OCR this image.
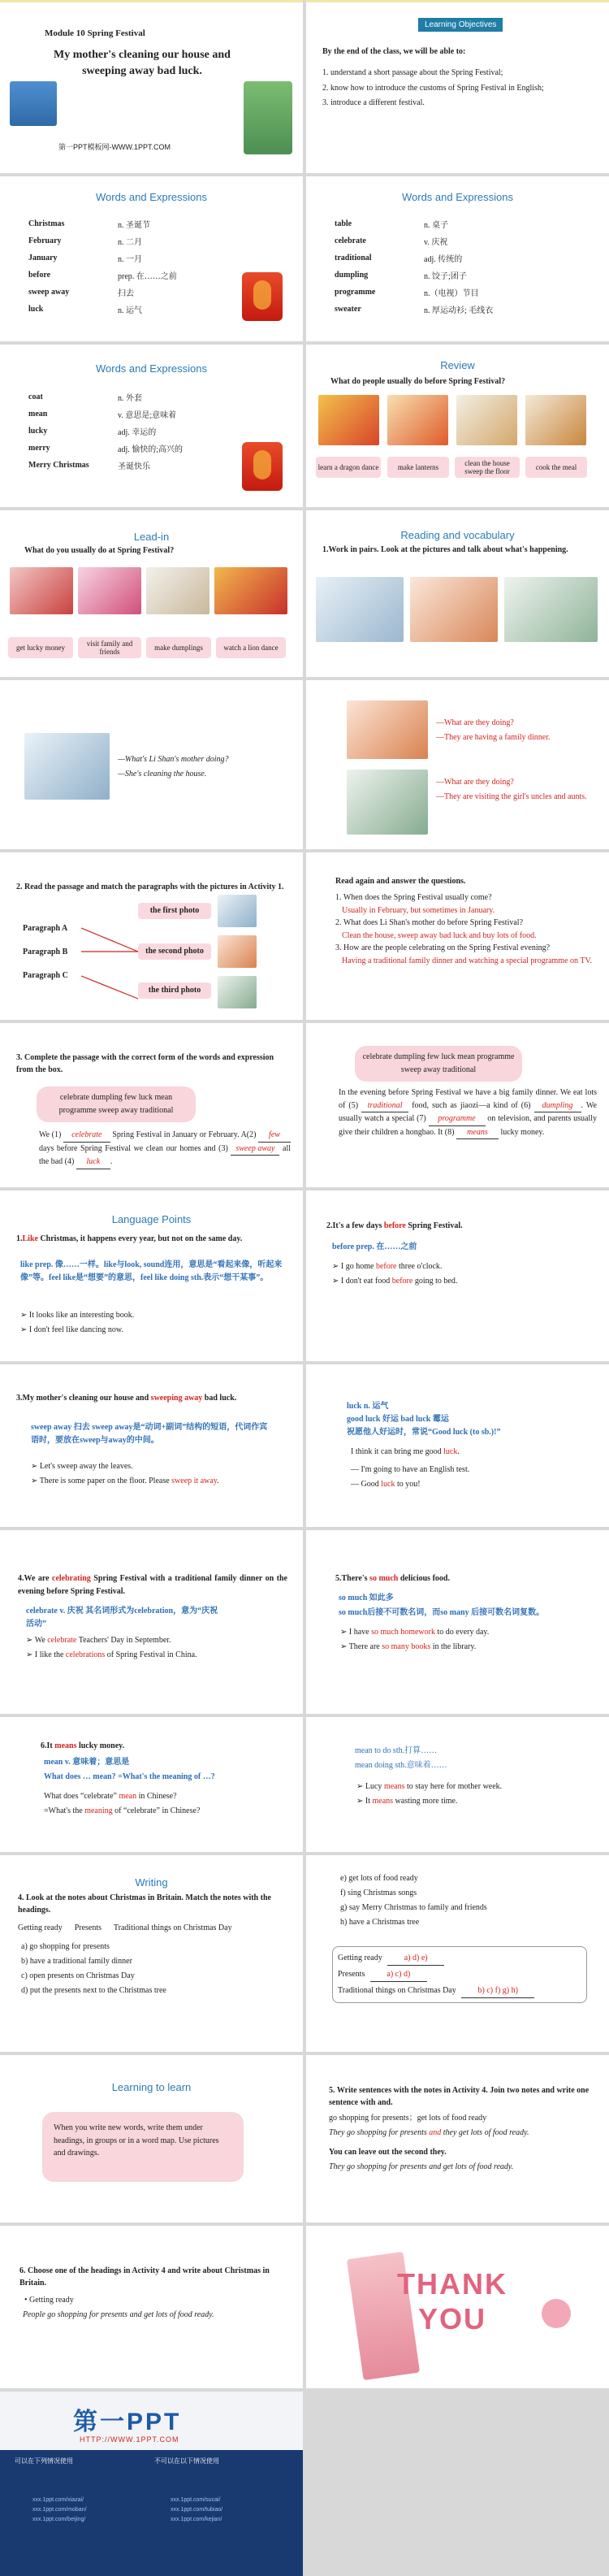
Module 10 Spring Festival
My mother's cleaning our house and sweeping away bad luck.
第一PPT模板网-WWW.1PPT.COM
Learning Objectives
By the end of the class, we will be able to:
1. understand a short passage about the Spring Festival;
2. know how to introduce the customs of Spring Festival in English;
3. introduce a different festival.
Words and Expressions
Christmas	n. 圣诞节
February	n. 二月
January	n. 一月
before	prep. 在……之前
sweep away	扫去
luck	n. 运气
Words and Expressions
table	n. 桌子
celebrate	v. 庆祝
traditional	adj. 传统的
dumpling	n. 饺子;团子
programme	n.（电视）节目
sweater	n. 厚运动衫; 毛线衣
Words and Expressions
coat	n. 外套
mean	v. 意思是;意味着
lucky	adj. 幸运的
merry	adj. 愉快的;高兴的
Merry Christmas	圣诞快乐
Review
What do people usually do before Spring Festival?
learn a dragon dance	make lanterns
clean the house sweep the floor
cook the meal
Lead-in
What do you usually do at Spring Festival?
get lucky money
visit family and friends
make dumplings	watch a lion dance
Reading and vocabulary
1.Work in pairs. Look at the pictures and talk about what's happening.
—What's Li Shan's mother doing?
—She's cleaning the house.
—What are they doing?
—They are having a family dinner.
—What are they doing?
—They are visiting the girl's uncles and aunts.
2. Read the passage and match the paragraphs with the pictures in Activity 1.
Paragraph A
Paragraph B
Paragraph C
the first photo
the second photo
the third photo
Read again and answer the questions.
1. When does the Spring Festival usually come?
Usually in February, but sometimes in January.
2. What does Li Shan's mother do before Spring Festival?
Clean the house, sweep away bad luck and buy lots of food.
3. How are the people celebrating on the Spring Festival evening?
Having a traditional family dinner and watching a special programme on TV.
3. Complete the passage with the correct form of the words and expression from the box.
celebrate dumpling few luck mean programme sweep away traditional
We (1) celebrate Spring Festival in January or February. A(2) few days before Spring Festival we clean our homes and (3) sweep away all the bad (4) luck .
celebrate dumpling few luck mean programme sweep away traditional
In the evening before Spring Festival we have a big family dinner. We eat lots of (5) traditional food, such as jiaozi—a kind of (6) dumpling . We usually watch a special (7) programme on television, and parents usually give their children a hongbao. It (8) means lucky money.
Language Points
1.Like Christmas, it happens every year, but not on the same day.
like prep. 像……一样。like与look, sound连用，意思是“看起来像，听起来像”等。feel like是“想要”的意思，feel like doing sth.表示“想干某事”。
➢ It looks like an interesting book.
➢ I don't feel like dancing now.
2.It's a few days before Spring Festival.
before prep. 在……之前
➢ I go home before three o'clock.
➢ I don't eat food before going to bed.
3.My mother's cleaning our house and sweeping away bad luck.
sweep away 扫去 sweep away是“动词+副词”结构的短语，代词作宾语时，要放在sweep与away的中间。
➢ Let's sweep away the leaves.
➢ There is some paper on the floor. Please sweep it away.
luck n. 运气
good luck 好运 bad luck 霉运
祝愿他人好运时，常说“Good luck (to sb.)!”
I think it can bring me good luck.
— I'm going to have an English test.
— Good luck to you!
4.We are celebrating Spring Festival with a traditional family dinner on the evening before Spring Festival.
celebrate v. 庆祝 其名词形式为celebration，意为“庆祝活动”
➢ We celebrate Teachers' Day in September.
➢ I like the celebrations of Spring Festival in China.
5.There's so much delicious food.
so much 如此多
so much后接不可数名词，而so many 后接可数名词复数。
➢ I have so much homework to do every day.
➢ There are so many books in the library.
6.It means lucky money.
mean v. 意味着；意思是
What does … mean? =What's the meaning of …?
What does “celebrate” mean in Chinese?
=What's the meaning of “celebrate” in Chinese?
mean to do sth.打算……
mean doing sth.意味着……
➢ Lucy means to stay here for mother week.
➢ It means wasting more time.
Writing
4. Look at the notes about Christmas in Britain. Match the notes with the headings.
Getting ready      Presents      Traditional things on Christmas Day
a) go shopping for presents
b) have a traditional family dinner
c) open presents on Christmas Day
d) put the presents next to the Christmas tree
e) get lots of food ready
f) sing Christmas songs
g) say Merry Christmas to family and friends
h) have a Christmas tree
Getting ready	a) d) e)
Presents	a) c) d)
Traditional things on Christmas Day	b) c) f) g) h)
Learning to learn
When you write new words, write them under headings, in groups or in a word map. Use pictures and drawings.
5. Write sentences with the notes in Activity 4. Join two notes and write one sentence with and.
go shopping for presents；get lots of food ready
They go shopping for presents and they get lots of food ready.
You can leave out the second they.
They go shopping for presents and get lots of food ready.
6. Choose one of the headings in Activity 4 and write about Christmas in Britain.
• Getting ready
People go shopping for presents and get lots of food ready.
THANK YOU
第一PPT
HTTP://WWW.1PPT.COM
可以在下列情况使用	不可以在以下情况使用
xxx.1ppt.com/xiazai/
xxx.1ppt.com/moban/
xxx.1ppt.com/beijing/
xxx.1ppt.com/sucai/
xxx.1ppt.com/tubiao/
xxx.1ppt.com/kejian/
